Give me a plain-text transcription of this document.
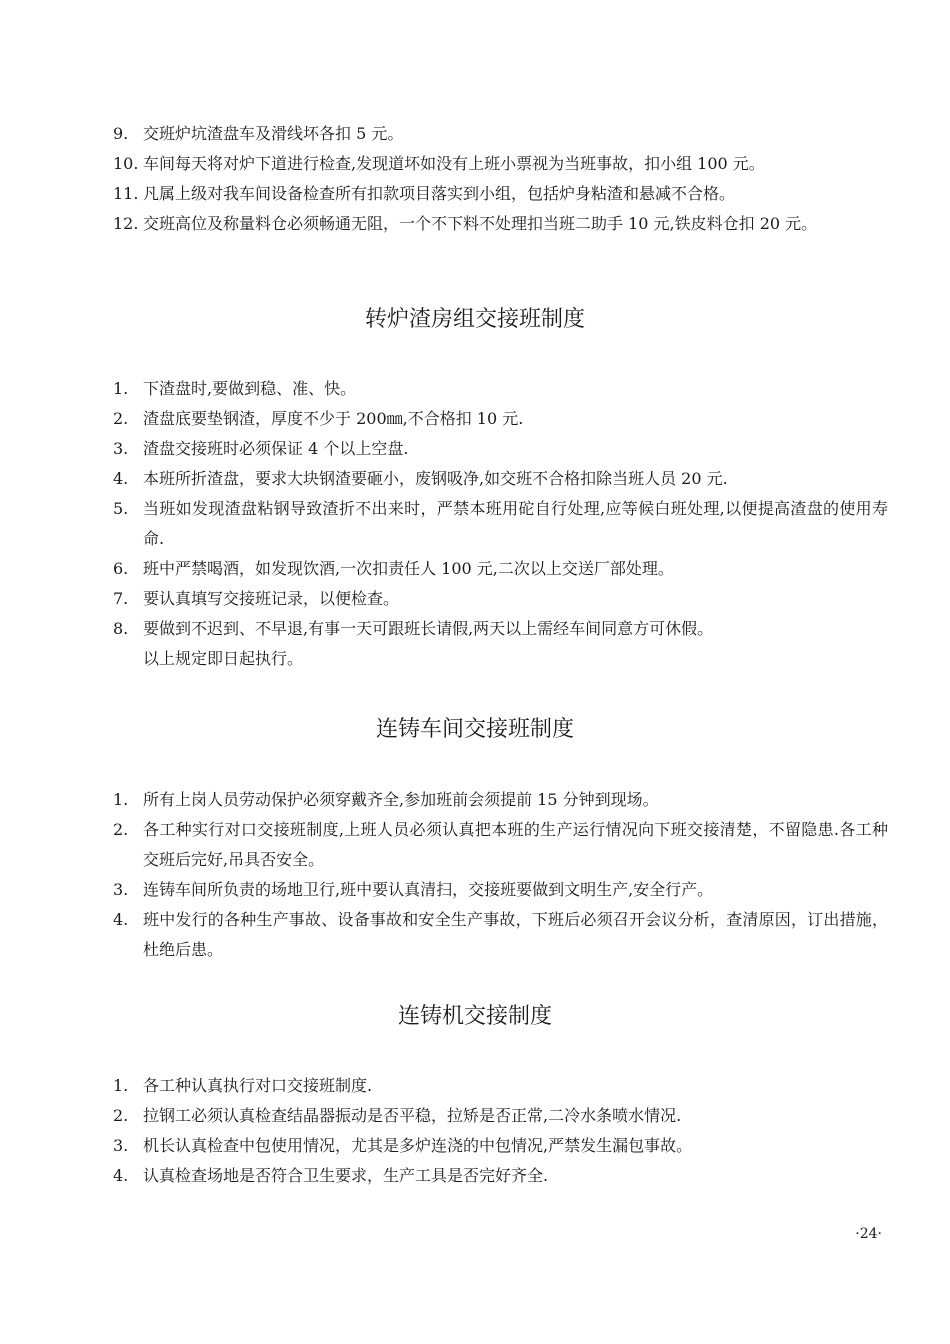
9. 交班炉坑渣盘车及滑线坏各扣 5 元。
10. 车间每天将对炉下道进行检查,发现道坏如没有上班小票视为当班事故，扣小组 100 元。
11. 凡属上级对我车间设备检查所有扣款项目落实到小组，包括炉身粘渣和悬减不合格。
12. 交班高位及称量料仓必须畅通无阻，一个不下料不处理扣当班二助手 10 元,铁皮料仓扣 20 元。
转炉渣房组交接班制度
1. 下渣盘时,要做到稳、准、快。
2. 渣盘底要垫钢渣，厚度不少于 200㎜,不合格扣 10 元.
3. 渣盘交接班时必须保证 4 个以上空盘.
4. 本班所折渣盘，要求大块钢渣要砸小，废钢吸净,如交班不合格扣除当班人员 20 元.
5. 当班如发现渣盘粘钢导致渣折不出来时，严禁本班用砣自行处理,应等候白班处理,以便提高渣盘的使用寿命.
6. 班中严禁喝酒，如发现饮酒,一次扣责任人 100 元,二次以上交送厂部处理。
7. 要认真填写交接班记录，以便检查。
8. 要做到不迟到、不早退,有事一天可跟班长请假,两天以上需经车间同意方可休假。
以上规定即日起执行。
连铸车间交接班制度
1. 所有上岗人员劳动保护必须穿戴齐全,参加班前会须提前 15 分钟到现场。
2. 各工种实行对口交接班制度,上班人员必须认真把本班的生产运行情况向下班交接清楚，不留隐患.各工种交班后完好,吊具否安全。
3. 连铸车间所负责的场地卫行,班中要认真清扫，交接班要做到文明生产,安全行产。
4. 班中发行的各种生产事故、设备事故和安全生产事故，下班后必须召开会议分析，查清原因，订出措施，杜绝后患。
连铸机交接制度
1. 各工种认真执行对口交接班制度.
2. 拉钢工必须认真检查结晶器振动是否平稳，拉矫是否正常,二冷水条喷水情况.
3. 机长认真检查中包使用情况，尤其是多炉连浇的中包情况,严禁发生漏包事故。
4. 认真检查场地是否符合卫生要求，生产工具是否完好齐全.
·24·
